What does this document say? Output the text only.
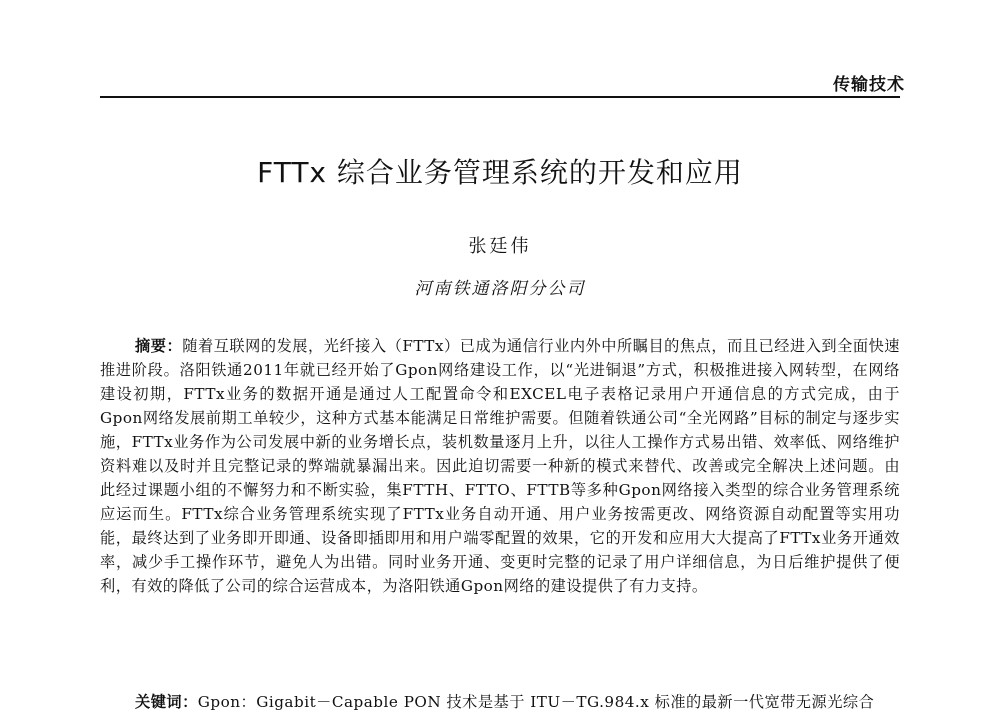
传输技术
FTTx 综合业务管理系统的开发和应用
张廷伟
河南铁通洛阳分公司
摘要：随着互联网的发展，光纤接入（FTTx）已成为通信行业内外中所瞩目的焦点，而且已经进入到全面快速推进阶段。洛阳铁通2011年就已经开始了Gpon网络建设工作，以“光进铜退”方式，积极推进接入网转型，在网络建设初期，FTTx业务的数据开通是通过人工配置命令和EXCEL电子表格记录用户开通信息的方式完成，由于Gpon网络发展前期工单较少，这种方式基本能满足日常维护需要。但随着铁通公司“全光网路”目标的制定与逐步实施，FTTx业务作为公司发展中新的业务增长点，装机数量逐月上升，以往人工操作方式易出错、效率低、网络维护资料难以及时并且完整记录的弊端就暴漏出来。因此迫切需要一种新的模式来替代、改善或完全解决上述问题。由此经过课题小组的不懈努力和不断实验，集FTTH、FTTO、FTTB等多种Gpon网络接入类型的综合业务管理系统应运而生。FTTx综合业务管理系统实现了FTTx业务自动开通、用户业务按需更改、网络资源自动配置等实用功能，最终达到了业务即开即通、设备即插即用和用户端零配置的效果，它的开发和应用大大提高了FTTx业务开通效率，减少手工操作环节，避免人为出错。同时业务开通、变更时完整的记录了用户详细信息，为日后维护提供了便利，有效的降低了公司的综合运营成本，为洛阳铁通Gpon网络的建设提供了有力支持。
关键词：Gpon：Gigabit－Capable PON 技术是基于 ITU－TG.984.x 标准的最新一代宽带无源光综合
